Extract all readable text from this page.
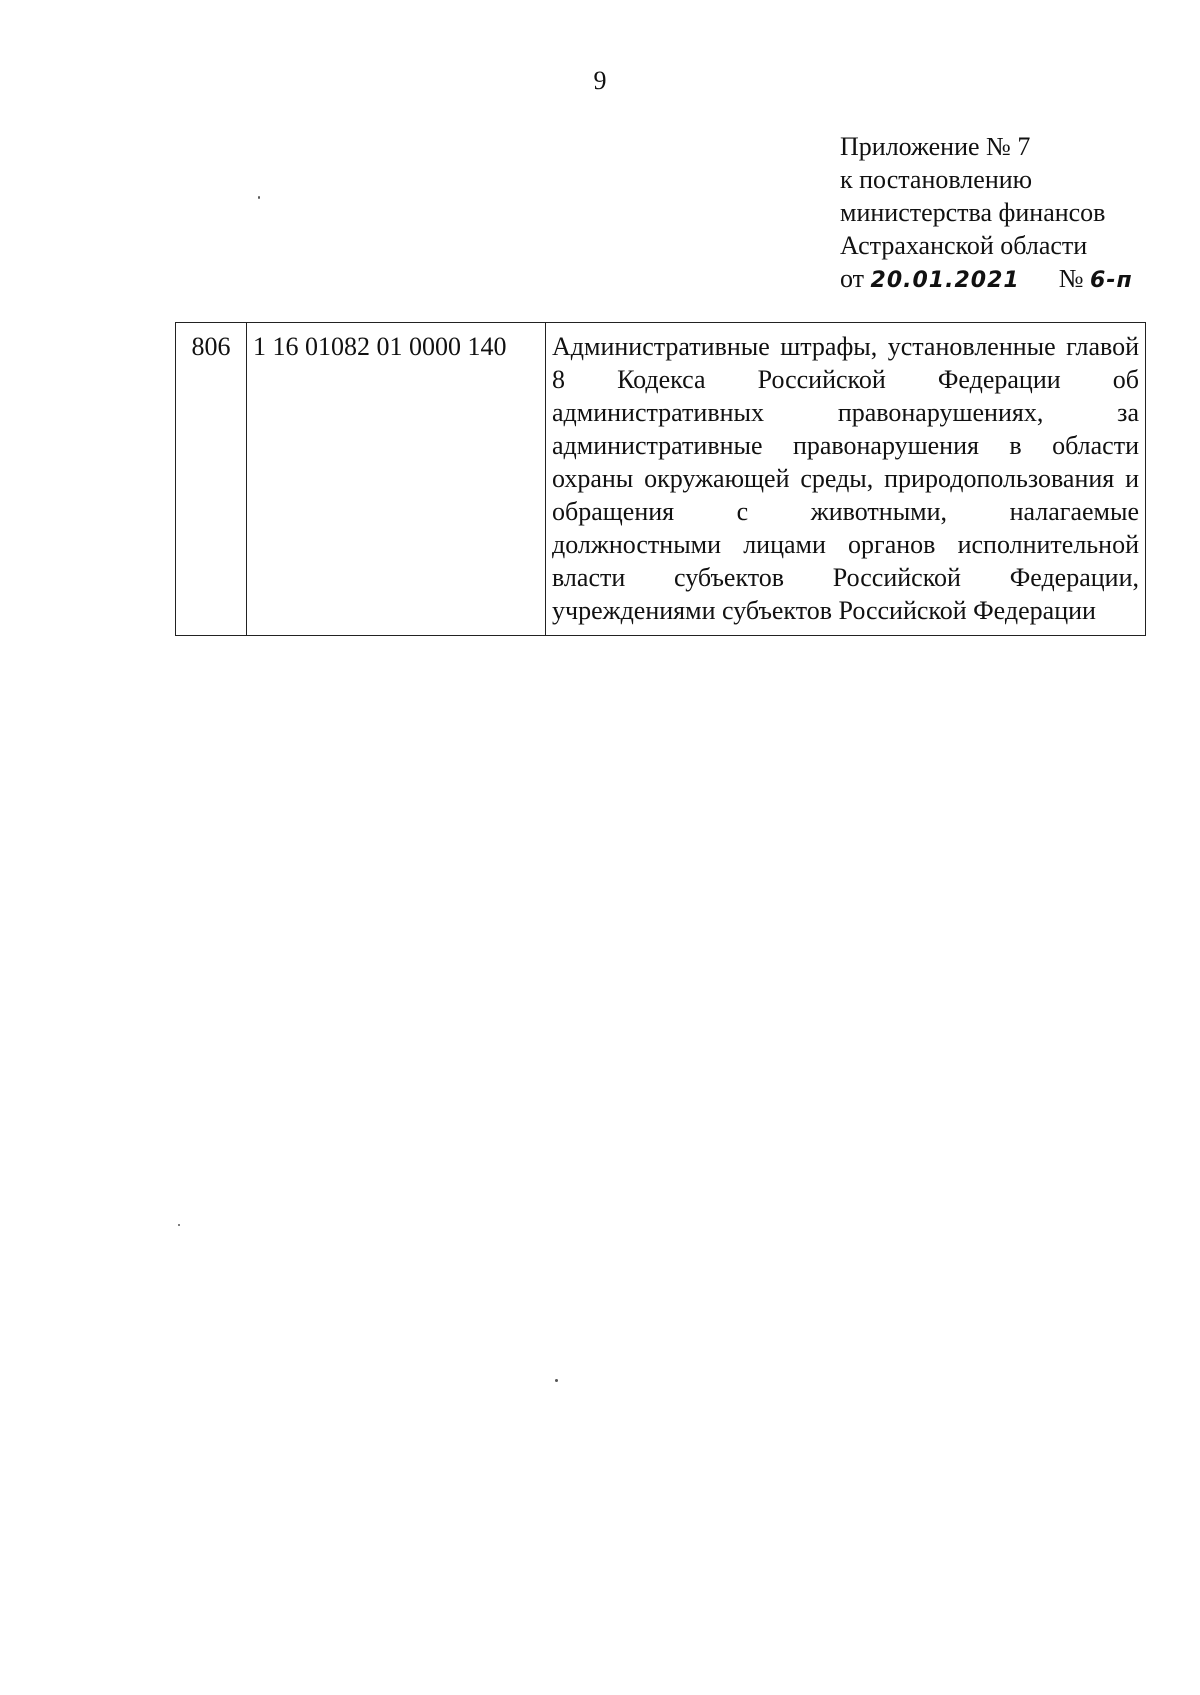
9
Приложение № 7
к постановлению
министерства финансов
Астраханской области
от 20.01.2021 № 6-п
806	1 16 01082 01 0000 140	Административные штрафы, установленные главой 8 Кодекса Российской Федерации об административных правонарушениях, за административные правонарушения в области охраны окружающей среды, природопользования и обращения с животными, налагаемые должностными лицами органов исполнительной власти субъектов Российской Федерации, учреждениями субъектов Российской Федерации
